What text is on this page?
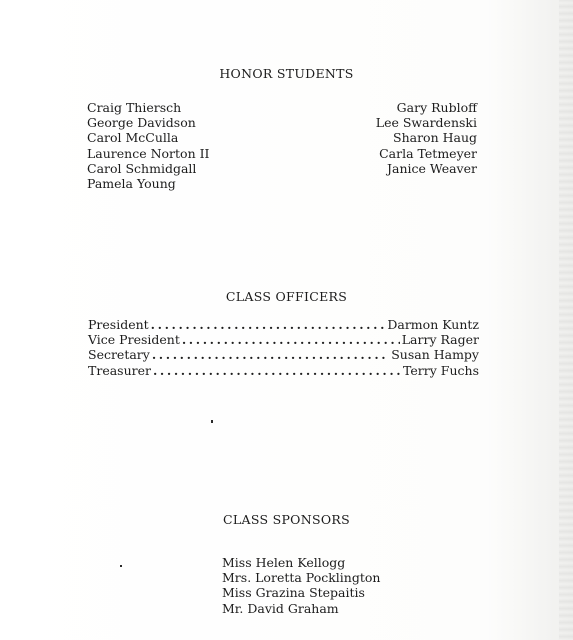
HONOR STUDENTS
Craig Thiersch
George Davidson
Carol McCulla
Laurence Norton II
Carol Schmidgall
Pamela Young
Gary Rubloff
Lee Swardenski
Sharon Haug
Carla Tetmeyer
Janice Weaver
CLASS OFFICERS
President .....	Darmon Kuntz
Vice President .....	Larry Rager
Secretary .....	Susan Hampy
Treasurer .....	Terry Fuchs
CLASS SPONSORS
Miss Helen Kellogg
Mrs. Loretta Pocklington
Miss Grazina Stepaitis
Mr. David Graham
